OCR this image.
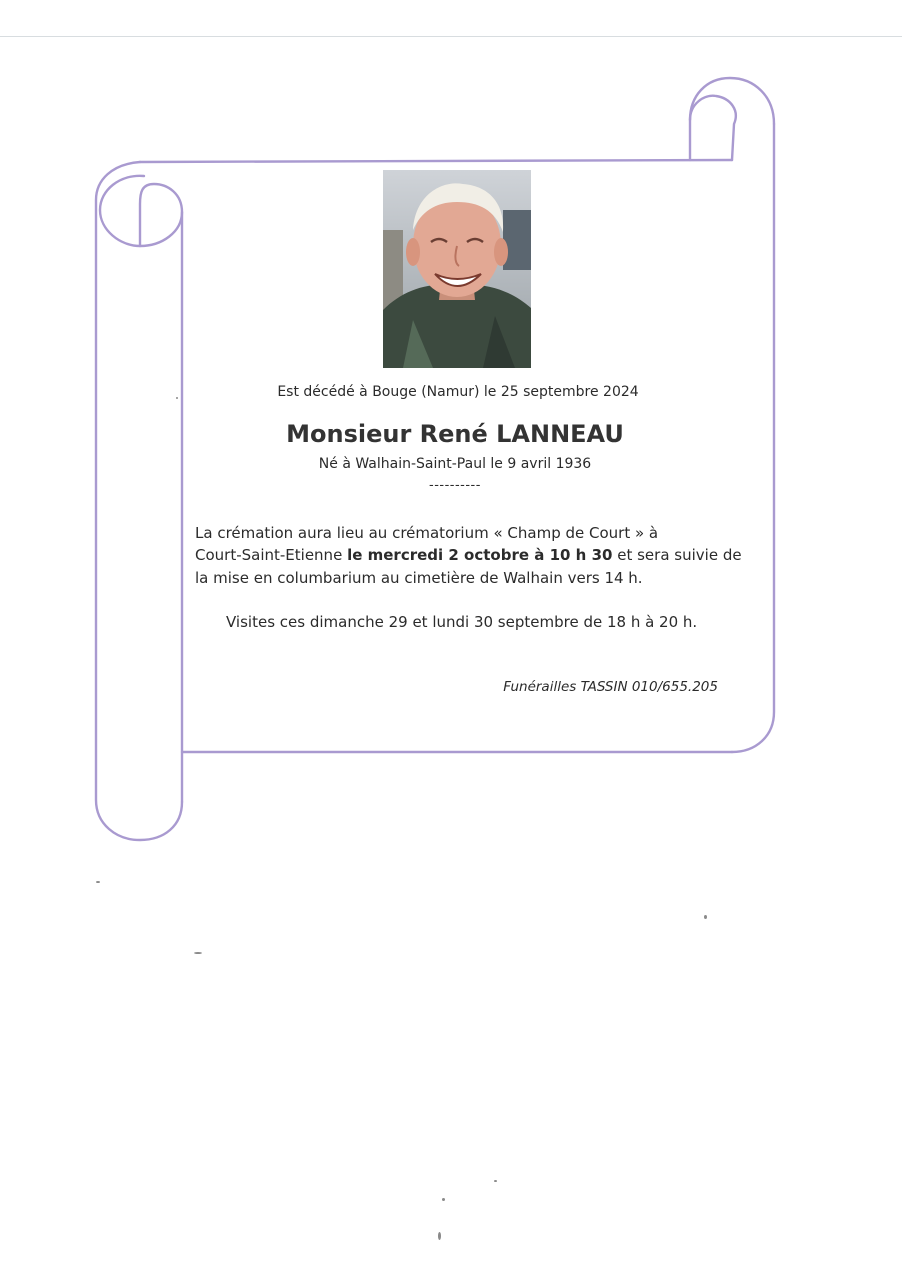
Est décédé à Bouge (Namur) le 25 septembre 2024
Monsieur René LANNEAU
Né à Walhain-Saint-Paul le 9 avril 1936
----------
La crémation aura lieu au crématorium « Champ de Court » à
Court-Saint-Etienne le mercredi 2 octobre à 10 h 30 et sera suivie de
la mise en columbarium au cimetière de Walhain vers 14 h.
Visites ces dimanche 29 et lundi 30 septembre de 18 h à 20 h.
Funérailles TASSIN 010/655.205
